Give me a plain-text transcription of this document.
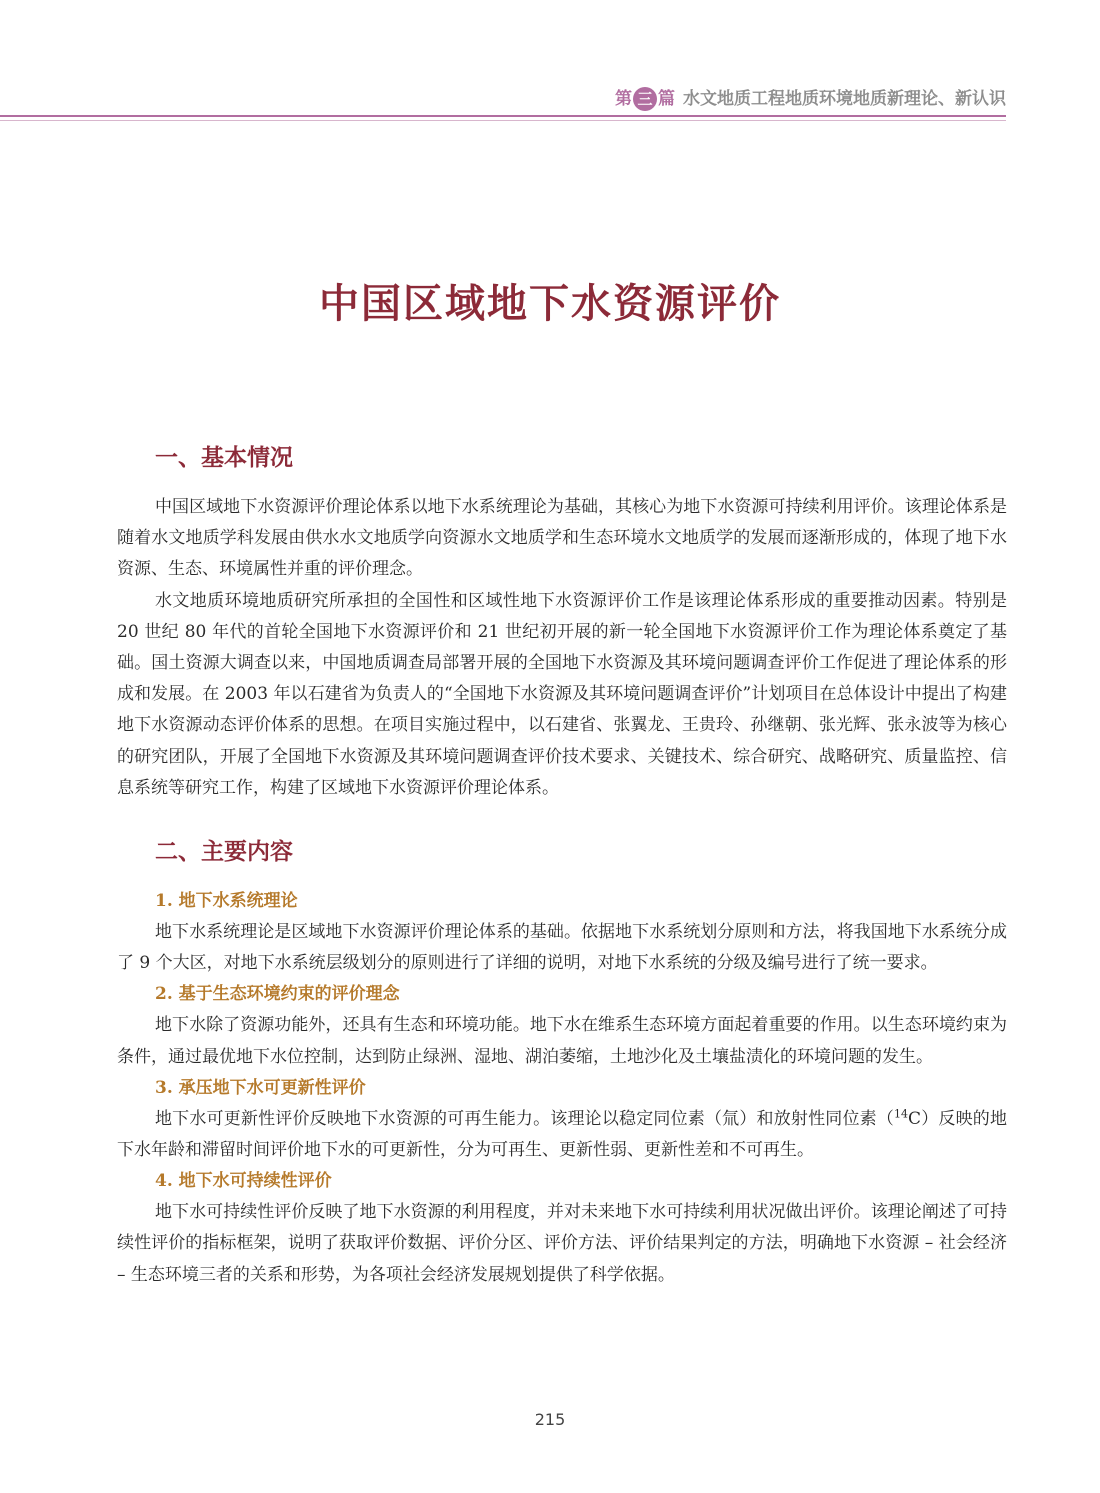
第 三 篇 水文地质工程地质环境地质新理论、新认识
中国区域地下水资源评价
一、基本情况

中国区域地下水资源评价理论体系以地下水系统理论为基础，其核心为地下水资源可持续利用评价。该理论体系是随着水文地质学科发展由供水水文地质学向资源水文地质学和生态环境水文地质学的发展而逐渐形成的，体现了地下水资源、生态、环境属性并重的评价理念。

水文地质环境地质研究所承担的全国性和区域性地下水资源评价工作是该理论体系形成的重要推动因素。特别是 20 世纪 80 年代的首轮全国地下水资源评价和 21 世纪初开展的新一轮全国地下水资源评价工作为理论体系奠定了基础。国土资源大调查以来，中国地质调查局部署开展的全国地下水资源及其环境问题调查评价工作促进了理论体系的形成和发展。在 2003 年以石建省为负责人的“全国地下水资源及其环境问题调查评价”计划项目在总体设计中提出了构建地下水资源动态评价体系的思想。在项目实施过程中，以石建省、张翼龙、王贵玲、孙继朝、张光辉、张永波等为核心的研究团队，开展了全国地下水资源及其环境问题调查评价技术要求、关键技术、综合研究、战略研究、质量监控、信息系统等研究工作，构建了区域地下水资源评价理论体系。

二、主要内容
1. 地下水系统理论

地下水系统理论是区域地下水资源评价理论体系的基础。依据地下水系统划分原则和方法，将我国地下水系统分成了 9 个大区，对地下水系统层级划分的原则进行了详细的说明，对地下水系统的分级及编号进行了统一要求。

2. 基于生态环境约束的评价理念

地下水除了资源功能外，还具有生态和环境功能。地下水在维系生态环境方面起着重要的作用。以生态环境约束为条件，通过最优地下水位控制，达到防止绿洲、湿地、湖泊萎缩，土地沙化及土壤盐渍化的环境问题的发生。

3. 承压地下水可更新性评价

地下水可更新性评价反映地下水资源的可再生能力。该理论以稳定同位素（氚）和放射性同位素（$^{14}$C）反映的地下水年龄和滞留时间评价地下水的可更新性，分为可再生、更新性弱、更新性差和不可再生。

4. 地下水可持续性评价

地下水可持续性评价反映了地下水资源的利用程度，并对未来地下水可持续利用状况做出评价。该理论阐述了可持续性评价的指标框架，说明了获取评价数据、评价分区、评价方法、评价结果判定的方法，明确地下水资源 – 社会经济 – 生态环境三者的关系和形势，为各项社会经济发展规划提供了科学依据。

215
